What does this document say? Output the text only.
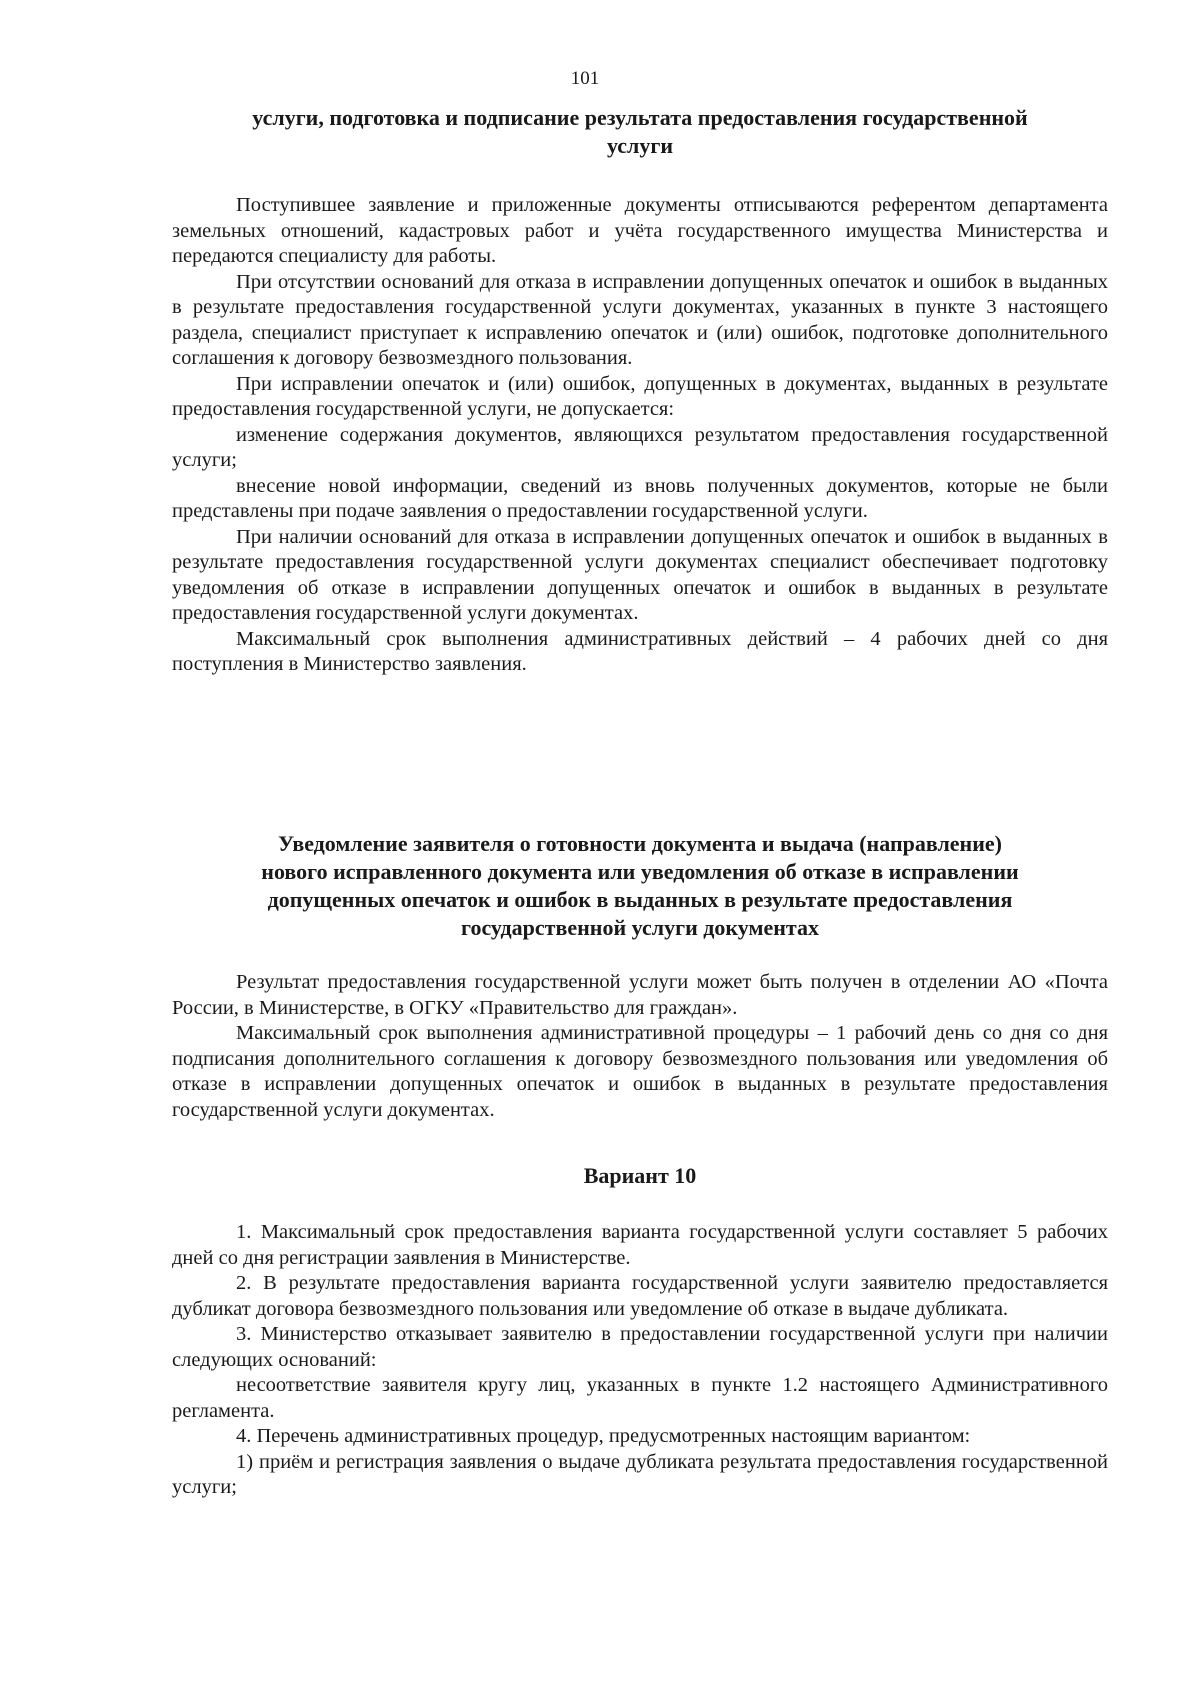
101
услуги, подготовка и подписание результата предоставления государственной
услуги

Поступившее заявление и приложенные документы отписываются референтом департамента земельных отношений, кадастровых работ и учёта государственного имущества Министерства и передаются специалисту для работы.

При отсутствии оснований для отказа в исправлении допущенных опечаток и ошибок в выданных в результате предоставления государственной услуги документах, указанных в пункте 3 настоящего раздела, специалист приступает к исправлению опечаток и (или) ошибок, подготовке дополнительного соглашения к договору безвозмездного пользования.

При исправлении опечаток и (или) ошибок, допущенных в документах, выданных в результате предоставления государственной услуги, не допускается:

изменение содержания документов, являющихся результатом предоставления государственной услуги;

внесение новой информации, сведений из вновь полученных документов, которые не были представлены при подаче заявления о предоставлении государственной услуги.

При наличии оснований для отказа в исправлении допущенных опечаток и ошибок в выданных в результате предоставления государственной услуги документах специалист обеспечивает подготовку уведомления об отказе в исправлении допущенных опечаток и ошибок в выданных в результате предоставления государственной услуги документах.

Максимальный срок выполнения административных действий – 4 рабочих дней со дня поступления в Министерство заявления.

Уведомление заявителя о готовности документа и выдача (направление)
нового исправленного документа или уведомления об отказе в исправлении
допущенных опечаток и ошибок в выданных в результате предоставления
государственной услуги документах

Результат предоставления государственной услуги может быть получен в отделении АО «Почта России, в Министерстве, в ОГКУ «Правительство для граждан».

Максимальный срок выполнения административной процедуры – 1 рабочий день со дня со дня подписания дополнительного соглашения к договору безвозмездного пользования или уведомления об отказе в исправлении допущенных опечаток и ошибок в выданных в результате предоставления государственной услуги документах.

Вариант 10

1. Максимальный срок предоставления варианта государственной услуги составляет 5 рабочих дней со дня регистрации заявления в Министерстве.

2. В результате предоставления варианта государственной услуги заявителю предоставляется дубликат договора безвозмездного пользования или уведомление об отказе в выдаче дубликата.

3. Министерство отказывает заявителю в предоставлении государственной услуги при наличии следующих оснований:

несоответствие заявителя кругу лиц, указанных в пункте 1.2 настоящего Административного регламента.

4. Перечень административных процедур, предусмотренных настоящим вариантом:

1) приём и регистрация заявления о выдаче дубликата результата предоставления государственной услуги;
